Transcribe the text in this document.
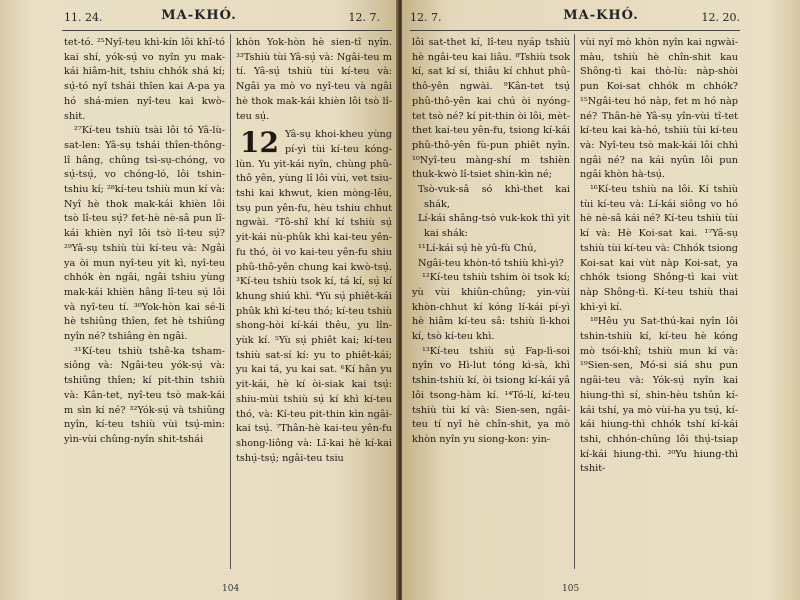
11. 24.	MA-KHÓ.	12. 7.

tet-tó. ²⁵Nyî-teu khì-kín lôi khî-tó kai shí, yók-sụ̍ vo nyîn yu mak-kái hiâm-hit, tshiu chhók shá kí; sụ̍-tó nyî tshái thîen kai A-pa ya hó shá-mien nyî-teu kai kwò-shit.

²⁷Kí-teu tshiù tsài lôi tó Yâ-lù-sat-len: Yâ-sụ tshái thîen-thông-lî hâng, chûng tsì-sụ-chóng, vo sụ̍-tsụ̍, vo chóng-ló, lôi tshin-tshiu kí; ²⁸kí-teu tshiù mun kí và: Nyî hè thok mak-kái khièn lôi tsò lî-teu sụ̍? fet-hè nè-sâ pun lî-kái khièn nyî lôi tsò lî-teu sụ̍? ²⁹Yâ-sụ tshiù tùi kí-teu và: Ngâi ya òi mun nyî-teu yit kì, nyî-teu chhók èn ngâi, ngâi tshiu yùng mak-kái khièn hâng lî-teu sụ̍ lôi và nyî-teu tí. ³⁰Yok-hòn kai sé-li hè tshiûng thîen, fet hè tshiûng nyîn né? tshiâng èn ngâi.

³¹Kí-teu tshiù tshê-ka tsham-siông và: Ngâi-teu yók-sụ̍ và: tshiûng thîen; kí pit-thin tshiù và: Kân-tet, nyî-teu tsò mak-kái m sìn kí né? ³²Yók-sụ̍ và tshiûng nyîn, kí-teu tshiù vùi tsụ̍-mìn: yìn-vùi chûng-nyîn shit-tshái

khòn Yok-hòn hè sien-tî nyîn. ³³Tshiù tùi Yâ-sụ̍ và: Ngâi-teu m tí. Yâ-sụ̍ tshiù tùi kí-teu và: Ngâi ya mò vo nyî-teu và ngâi hè thok mak-kái khièn lôi tsò lî-teu sụ̍.

12 Yâ-sụ khoi-kheu yùng pí-yì tùi kí-teu kóng-lùn. Yu yit-kái nyîn, chùng phû-thô yên, yùng lî lôi vùi, vet tsiu-tshi kai khwut, kien mòng-lêu, tsụ pun yên-fu, hèu tshiu chhut ngwài. ²Tô-shî khí kí tshiù sụ̍ yit-kái nù-phûk khì kai-teu yên-fu thó, òi vo kai-teu yên-fu shiu phû-thô-yên chung kai kwò-tsụ̍. ³Kí-teu tshiù tsok kí, tá kí, sụ̍ kí khung shiú khì. ⁴Yù sụ̍ phiêt-kái phûk khì kí-teu thó; kí-teu tshiù shong-hòi kí-kái thêu, yu lîn-yùk kí. ⁵Yù sụ̍ phiêt kai; kí-teu tshiù sat-sí kí: yu to phiêt-kái; yu kai tá, yu kai sat. ⁶Kí hân yu yit-kái, hè kí òi-siak kai tsụ̍: shiu-mùi tshiù sụ̍ kí khì kí-teu thó, và: Kí-teu pit-thin kìn ngâi-kai tsụ̍. ⁷Thân-hè kai-teu yên-fu shong-liông và: Lî-kai hè kí-kai tshụ̍-tsụ̍; ngâi-teu tsiu

104
12. 7.	MA-KHÓ.	12. 20.

lôi sat-thet kí, lî-teu nyáp tshiù hè ngâi-teu kai liâu. ⁸Tshiù tsok kí, sat kí sí, thiâu kí chhut phû-thô-yên ngwài. ⁹Kân-tet tsụ̍ phû-thô-yên kai chú òi nyóng-tet tsò né? kí pit-thin òi lôi, mèt-thet kai-teu yên-fu, tsiong kí-kái phû-thô-yên fù-pun phiêt nyîn. ¹⁰Nyî-teu màng-shí m tshièn thuk-kwò lî-tsiet shin-kìn né;

Tsò-vuk-sâ só khì-thet kai shák,

Lí-kái shâng-tsò vuk-kok thì yit kai shák:

¹¹Lí-kái sụ̍ hè yû-fù Chú,

Ngâi-teu khòn-tó tshiù khì-yì?

¹²Kí-teu tshiù tshim òi tsok kí; yù vùi khiûn-chûng; yin-vùi khòn-chhut kí kóng lí-kái pí-yì hè hiâm kí-teu sâ: tshiù lì-khoi kí, tsò kí-teu khì.

¹³Kí-teu tshiù sụ̍ Fap-lì-soi nyîn vo Hì-lut tóng kì-sà, khì tshin-tshiù kí, òi tsiong kí-kái yâ lôi tsong-hàm kí. ¹⁴Tó-lí, kí-teu tshiù tùi kí và: Sien-sen, ngâi-teu tí nyî hè chîn-shit, ya mò khòn nyîn yu siong-kon: yin-

vùi nyî mò khòn nyîn kai ngwài-màu, tshiù hè chîn-shit kau Shông-tì kai thò-lù: nàp-shòi pun Koi-sat chhók m chhók? ¹⁵Ngâi-teu hó nàp, fet m hó nàp né? Thân-hè Yâ-sụ yîn-vùi tî-tet kí-teu kai kà-hó, tshiù tùi kí-teu và: Nyî-teu tsò mak-kái lôi chhì ngâi né? na kái nyûn lôi pun ngâi khòn hà-tsụ̍.

¹⁶Kí-teu tshiù na lôi. Kí tshiù tùi kí-teu và: Lí-kái siông vo hó hè nè-sâ kái né? Kí-teu tshiù tùi kí và: Hè Koi-sat kai. ¹⁷Yâ-sụ tshiù tùi kí-teu và: Chhók tsiong Koi-sat kai vùt nàp Koi-sat, ya chhók tsiong Shông-tì kai vùt nàp Shông-tì. Kí-teu tshiù thai khì-yì kí.

¹⁸Hêu yu Sat-thú-kai nyîn lôi tshin-tshiù kí, kí-teu hè kóng mò tsói-khî; tshiù mun kí và: ¹⁹Sien-sen, Mó-si siá shu pun ngâi-teu và: Yók-sụ̍ nyîn kai hiung-thì sí, shin-hèu tshûn kí-kái tshí, ya mò vùi-ha yu tsụ̍, kí-kái hiung-thì chhók tshí kí-kái tshi, chhón-chûng lôi thụ̍-tsiap kí-kái hiung-thì. ²⁰Yu hiung-thì tshit-

105
